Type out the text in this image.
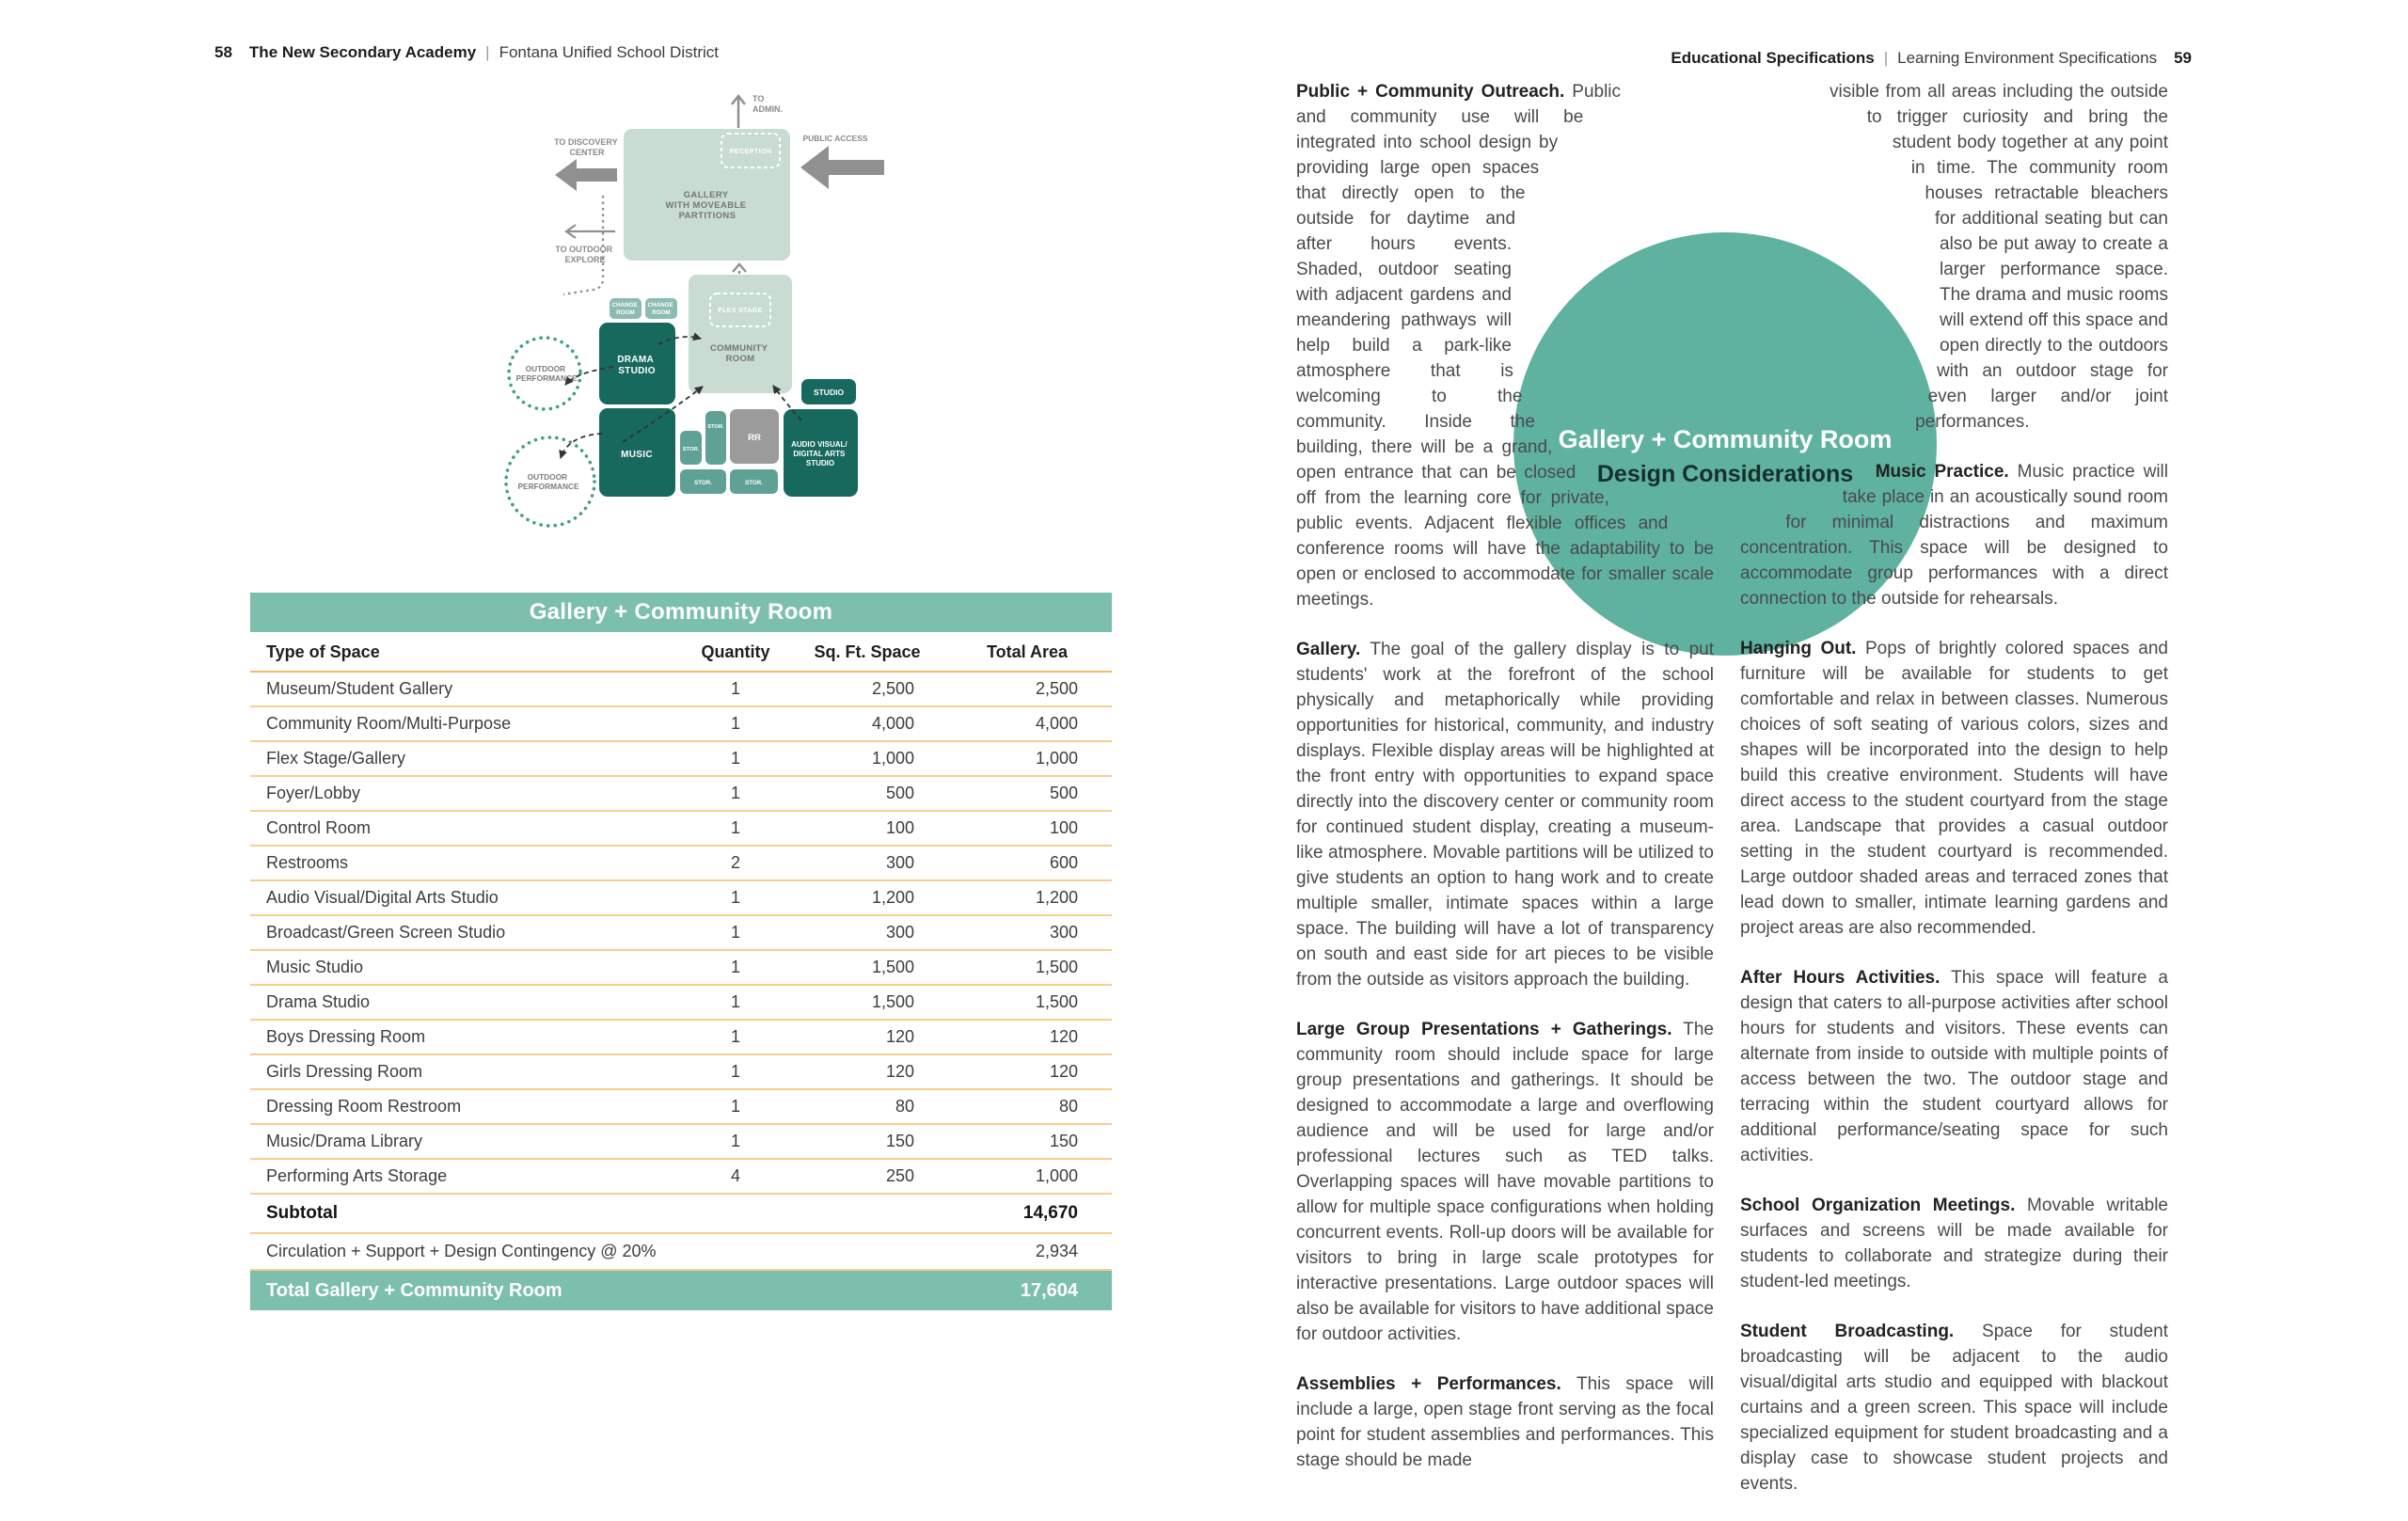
58 The New Secondary Academy | Fontana Unified School District	Educational Specifications | Learning Environment Specifications 59
GALLERY WITH MOVEABLE PARTITIONS
RECEPTION
TO ADMIN.
PUBLIC ACCESS
TO DISCOVERY CENTER
TO OUTDOOR EXPLORE
COMMUNITY ROOM
FLEX STAGE
CHANGE ROOM
CHANGE ROOM
DRAMA STUDIO
MUSIC	STOR.
STOR.
RR
STOR.	STOR.
STUDIO
AUDIO VISUAL/ DIGITAL ARTS STUDIO
OUTDOOR PERFORMANCE
OUTDOOR PERFORMANCE
Gallery + Community Room
Type of Space	Quantity	Sq. Ft. Space	Total Area
Museum/Student Gallery	1	2,500	2,500
Community Room/Multi-Purpose	1	4,000	4,000
Flex Stage/Gallery	1	1,000	1,000
Foyer/Lobby	1	500	500
Control Room	1	100	100
Restrooms	2	300	600
Audio Visual/Digital Arts Studio	1	1,200	1,200
Broadcast/Green Screen Studio	1	300	300
Music Studio	1	1,500	1,500
Drama Studio	1	1,500	1,500
Boys Dressing Room	1	120	120
Girls Dressing Room	1	120	120
Dressing Room Restroom	1	80	80
Music/Drama Library	1	150	150
Performing Arts Storage	4	250	1,000
Subtotal			14,670
Circulation + Support + Design Contingency @ 20%			2,934
Total Gallery + Community Room	17,604
Gallery + Community Room
Design Considerations

Public + Community Outreach. Public and community use will be integrated into school design by providing large open spaces that directly open to the outside for daytime and after hours events. Shaded, outdoor seating with adjacent gardens and meandering pathways will help build a park-like atmosphere that is welcoming to the community. Inside the building, there will be a grand, open entrance that can be closed off from the learning core for private, public events. Adjacent flexible offices and conference rooms will have the adaptability to be open or enclosed to accommodate for smaller scale meetings.

Gallery. The goal of the gallery display is to put students' work at the forefront of the school physically and metaphorically while providing opportunities for historical, community, and industry displays. Flexible display areas will be highlighted at the front entry with opportunities to expand space directly into the discovery center or community room for continued student display, creating a museum-like atmosphere. Movable partitions will be utilized to give students an option to hang work and to create multiple smaller, intimate spaces within a large space. The building will have a lot of transparency on south and east side for art pieces to be visible from the outside as visitors approach the building.

Large Group Presentations + Gatherings. The community room should include space for large group presentations and gatherings. It should be designed to accommodate a large and overflowing audience and will be used for large and/or professional lectures such as TED talks. Overlapping spaces will have movable partitions to allow for multiple space configurations when holding concurrent events. Roll-up doors will be available for visitors to bring in large scale prototypes for interactive presentations. Large outdoor spaces will also be available for visitors to have additional space for outdoor activities.

Assemblies + Performances. This space will include a large, open stage front serving as the focal point for student assemblies and performances. This stage should be made

visible from all areas including the outside to trigger curiosity and bring the student body together at any point in time. The community room houses retractable bleachers for additional seating but can also be put away to create a larger performance space. The drama and music rooms will extend off this space and open directly to the outdoors with an outdoor stage for even larger and/or joint performances.

Music Practice. Music practice will take place in an acoustically sound room for minimal distractions and maximum concentration. This space will be designed to accommodate group performances with a direct connection to the outside for rehearsals.

Hanging Out. Pops of brightly colored spaces and furniture will be available for students to get comfortable and relax in between classes. Numerous choices of soft seating of various colors, sizes and shapes will be incorporated into the design to help build this creative environment. Students will have direct access to the student courtyard from the stage area. Landscape that provides a casual outdoor setting in the student courtyard is recommended. Large outdoor shaded areas and terraced zones that lead down to smaller, intimate learning gardens and project areas are also recommended.

After Hours Activities. This space will feature a design that caters to all-purpose activities after school hours for students and visitors. These events can alternate from inside to outside with multiple points of access between the two. The outdoor stage and terracing within the student courtyard allows for additional performance/seating space for such activities.

School Organization Meetings. Movable writable surfaces and screens will be made available for students to collaborate and strategize during their student-led meetings.

Student Broadcasting. Space for student broadcasting will be adjacent to the audio visual/digital arts studio and equipped with blackout curtains and a green screen. This space will include specialized equipment for student broadcasting and a display case to showcase student projects and events.
